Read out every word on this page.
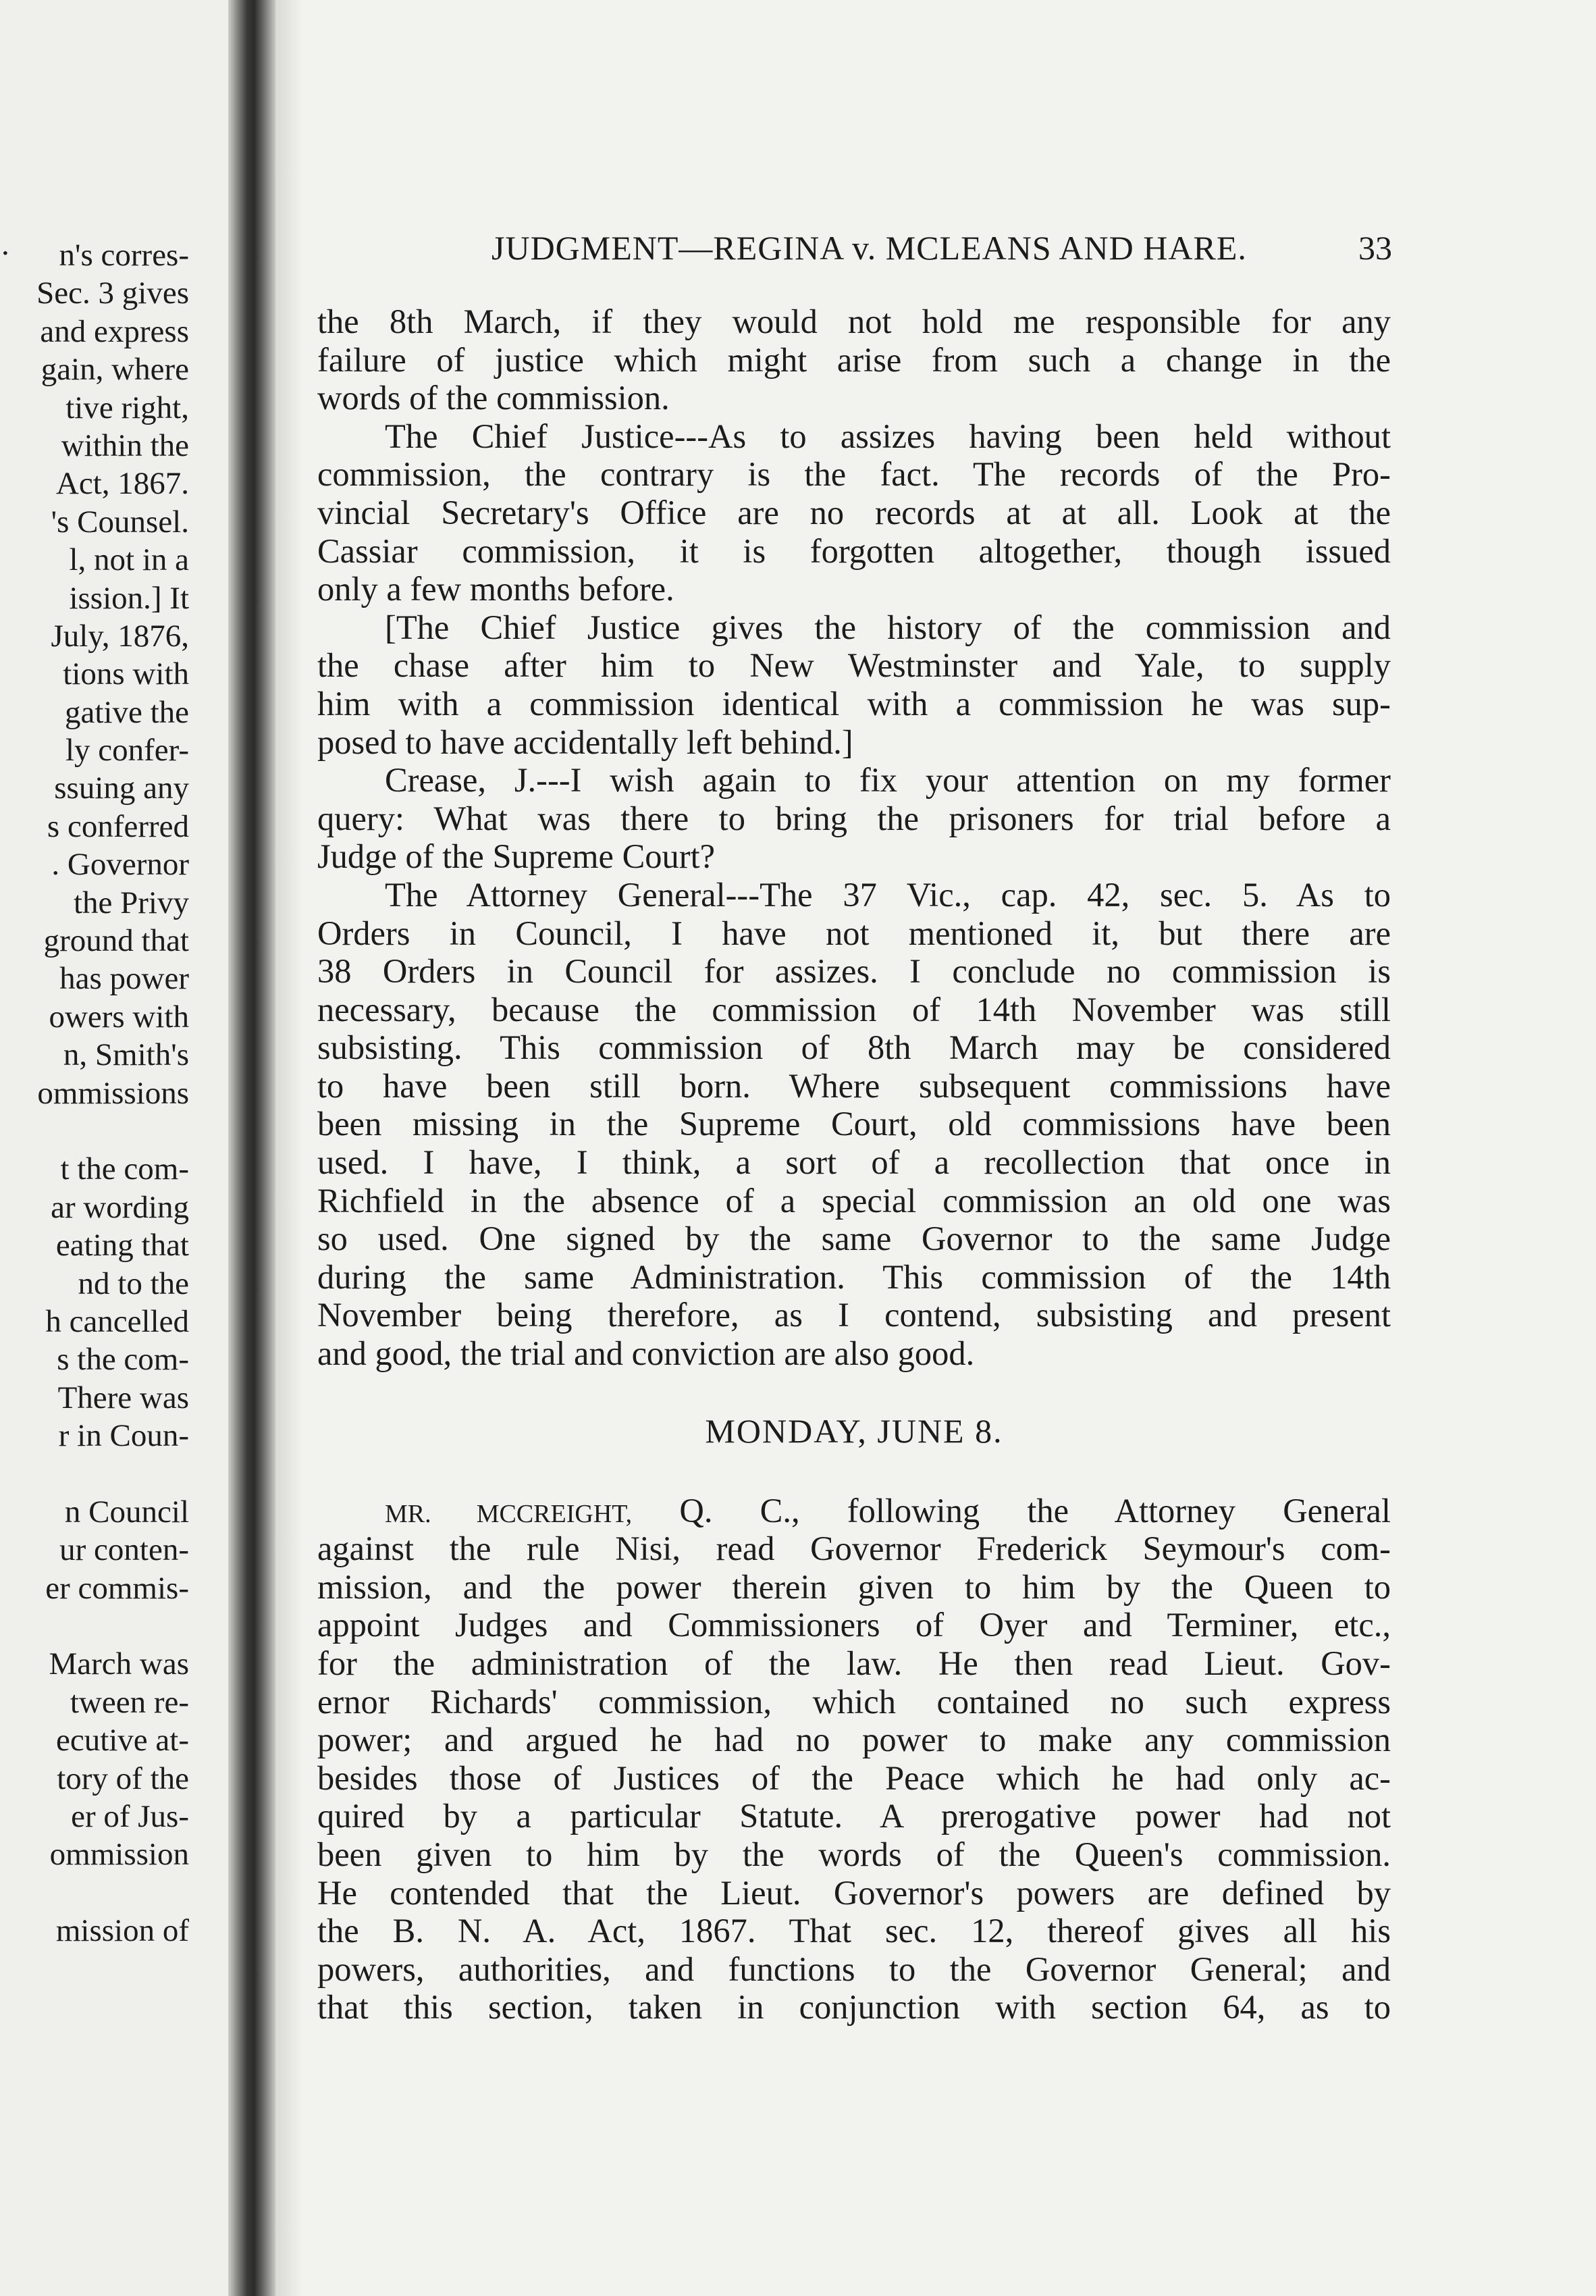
.	n's corres-
Sec. 3 gives
and express
gain, where
tive right,
within the
Act, 1867.
's Counsel.
l, not in a
ission.] It
July, 1876,
tions with
gative the
ly confer-
ssuing any
s conferred
. Governor
the Privy
ground that
has power
owers with
n, Smith's
ommissions
t the com-
ar wording
eating that
nd to the
h cancelled
s the com-
There was
r in Coun-
n Council
ur conten-
er commis-
March was
tween re-
ecutive at-
tory of the
er of Jus-
ommission
mission of
JUDGMENT—REGINA v. MCLEANS AND HARE.	33
the 8th March, if they would not hold me responsible for any
failure of justice which might arise from such a change in the
words of the commission.
The Chief Justice---As to assizes having been held without
commission, the contrary is the fact. The records of the Pro-
vincial Secretary's Office are no records at at all. Look at the
Cassiar commission, it is forgotten altogether, though issued
only a few months before.
[The Chief Justice gives the history of the commission and
the chase after him to New Westminster and Yale, to supply
him with a commission identical with a commission he was sup-
posed to have accidentally left behind.]
Crease, J.---I wish again to fix your attention on my former
query: What was there to bring the prisoners for trial before a
Judge of the Supreme Court?
The Attorney General---The 37 Vic., cap. 42, sec. 5. As to
Orders in Council, I have not mentioned it, but there are
38 Orders in Council for assizes. I conclude no commission is
necessary, because the commission of 14th November was still
subsisting. This commission of 8th March may be considered
to have been still born. Where subsequent commissions have
been missing in the Supreme Court, old commissions have been
used. I have, I think, a sort of a recollection that once in
Richfield in the absence of a special commission an old one was
so used. One signed by the same Governor to the same Judge
during the same Administration. This commission of the 14th
November being therefore, as I contend, subsisting and present
and good, the trial and conviction are also good.
MONDAY, JUNE 8.
MR. MCCREIGHT, Q. C., following the Attorney General
against the rule Nisi, read Governor Frederick Seymour's com-
mission, and the power therein given to him by the Queen to
appoint Judges and Commissioners of Oyer and Terminer, etc.,
for the administration of the law. He then read Lieut. Gov-
ernor Richards' commission, which contained no such express
power; and argued he had no power to make any commission
besides those of Justices of the Peace which he had only ac-
quired by a particular Statute. A prerogative power had not
been given to him by the words of the Queen's commission.
He contended that the Lieut. Governor's powers are defined by
the B. N. A. Act, 1867. That sec. 12, thereof gives all his
powers, authorities, and functions to the Governor General; and
that this section, taken in conjunction with section 64, as to
